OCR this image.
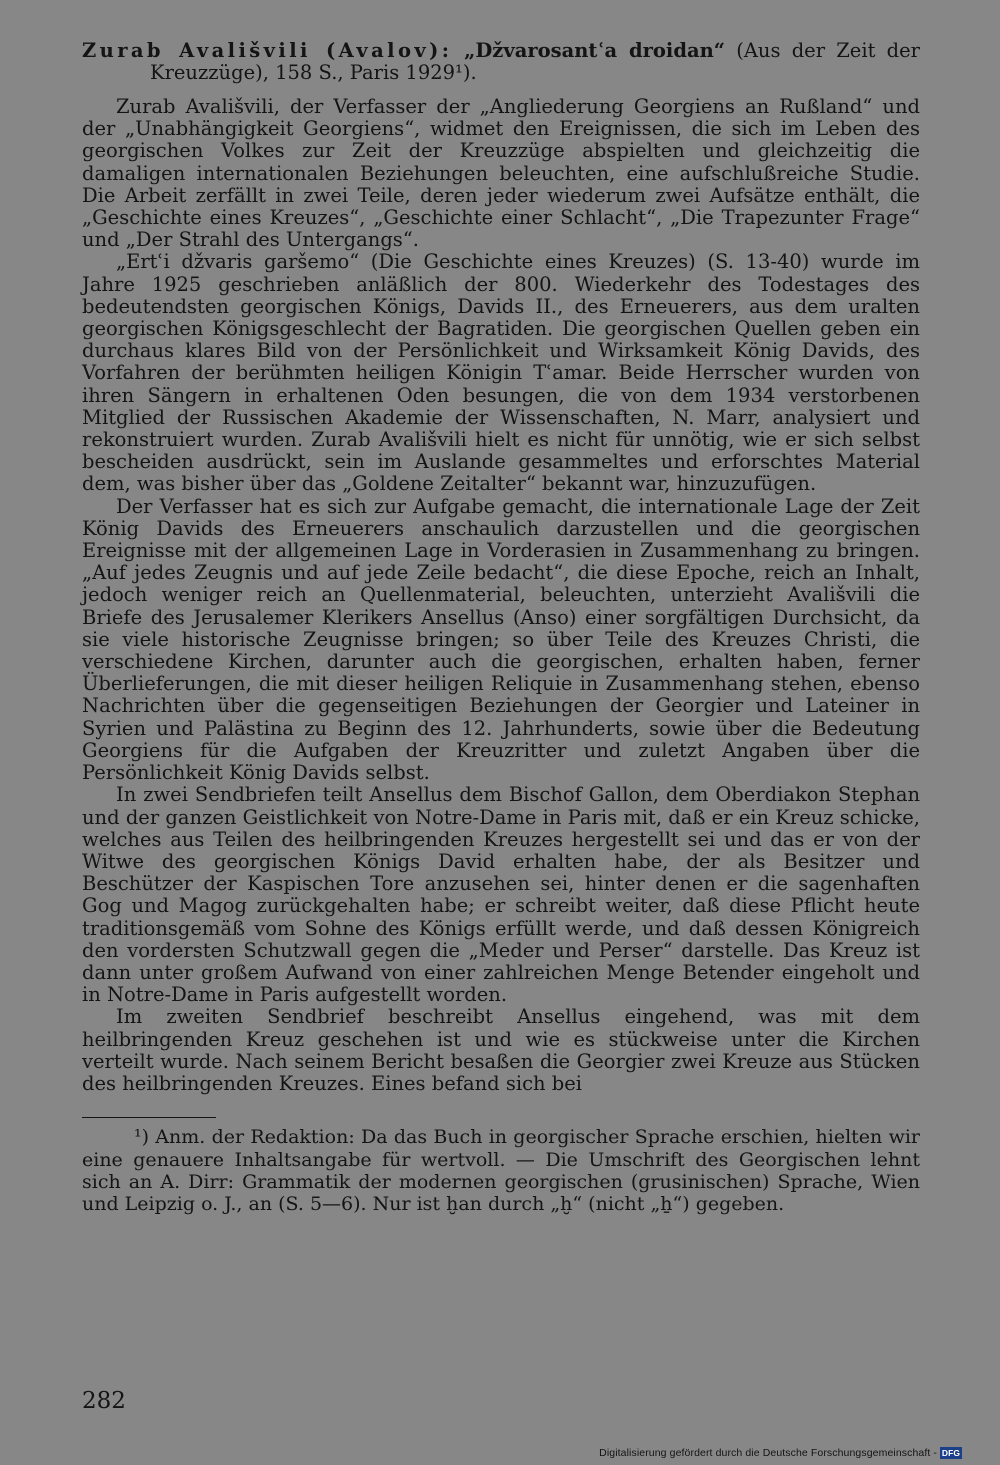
Zurab Avališvili (Avalov): „Džvarosantʿa droidan“ (Aus der Zeit der Kreuzzüge), 158 S., Paris 1929¹).

Zurab Avališvili, der Verfasser der „Angliederung Georgiens an Rußland“ und der „Unabhängigkeit Georgiens“, widmet den Ereignissen, die sich im Leben des georgischen Volkes zur Zeit der Kreuzzüge abspielten und gleichzeitig die damaligen internationalen Beziehungen beleuchten, eine aufschlußreiche Studie. Die Arbeit zerfällt in zwei Teile, deren jeder wiederum zwei Aufsätze enthält, die „Geschichte eines Kreuzes“, „Geschichte einer Schlacht“, „Die Trapezunter Frage“ und „Der Strahl des Untergangs“.

„Ertʿi džvaris garšemo“ (Die Geschichte eines Kreuzes) (S. 13-40) wurde im Jahre 1925 geschrieben anläßlich der 800. Wiederkehr des Todestages des bedeutendsten georgischen Königs, Davids II., des Erneuerers, aus dem uralten georgischen Königsgeschlecht der Bagratiden. Die georgischen Quellen geben ein durchaus klares Bild von der Persönlichkeit und Wirksamkeit König Davids, des Vorfahren der berühmten heiligen Königin Tʿamar. Beide Herrscher wurden von ihren Sängern in erhaltenen Oden besungen, die von dem 1934 verstorbenen Mitglied der Russischen Akademie der Wissenschaften, N. Marr, analysiert und rekonstruiert wurden. Zurab Avališvili hielt es nicht für unnötig, wie er sich selbst bescheiden ausdrückt, sein im Auslande gesammeltes und erforschtes Material dem, was bisher über das „Goldene Zeitalter“ bekannt war, hinzuzufügen.

Der Verfasser hat es sich zur Aufgabe gemacht, die internationale Lage der Zeit König Davids des Erneuerers anschaulich darzustellen und die georgischen Ereignisse mit der allgemeinen Lage in Vorderasien in Zusammenhang zu bringen. „Auf jedes Zeugnis und auf jede Zeile bedacht“, die diese Epoche, reich an Inhalt, jedoch weniger reich an Quellenmaterial, beleuchten, unterzieht Avališvili die Briefe des Jerusalemer Klerikers Ansellus (Anso) einer sorgfältigen Durchsicht, da sie viele historische Zeugnisse bringen; so über Teile des Kreuzes Christi, die verschiedene Kirchen, darunter auch die georgischen, erhalten haben, ferner Überlieferungen, die mit dieser heiligen Reliquie in Zusammenhang stehen, ebenso Nachrichten über die gegenseitigen Beziehungen der Georgier und Lateiner in Syrien und Palästina zu Beginn des 12. Jahrhunderts, sowie über die Bedeutung Georgiens für die Aufgaben der Kreuzritter und zuletzt Angaben über die Persönlichkeit König Davids selbst.

In zwei Sendbriefen teilt Ansellus dem Bischof Gallon, dem Oberdiakon Stephan und der ganzen Geistlichkeit von Notre-Dame in Paris mit, daß er ein Kreuz schicke, welches aus Teilen des heilbringenden Kreuzes hergestellt sei und das er von der Witwe des georgischen Königs David erhalten habe, der als Besitzer und Beschützer der Kaspischen Tore anzusehen sei, hinter denen er die sagenhaften Gog und Magog zurückgehalten habe; er schreibt weiter, daß diese Pflicht heute traditionsgemäß vom Sohne des Königs erfüllt werde, und daß dessen Königreich den vordersten Schutzwall gegen die „Meder und Perser“ darstelle. Das Kreuz ist dann unter großem Aufwand von einer zahlreichen Menge Betender eingeholt und in Notre-Dame in Paris aufgestellt worden.

Im zweiten Sendbrief beschreibt Ansellus eingehend, was mit dem heilbringenden Kreuz geschehen ist und wie es stückweise unter die Kirchen verteilt wurde. Nach seinem Bericht besaßen die Georgier zwei Kreuze aus Stücken des heilbringenden Kreuzes. Eines befand sich bei

¹) Anm. der Redaktion: Da das Buch in georgischer Sprache erschien, hielten wir eine genauere Inhaltsangabe für wertvoll. — Die Umschrift des Georgischen lehnt sich an A. Dirr: Grammatik der modernen georgischen (grusinischen) Sprache, Wien und Leipzig o. J., an (S. 5—6). Nur ist ḫan durch „ḫ“ (nicht „ẖ“) gegeben.

282

Digitalisierung gefördert durch die Deutsche Forschungsgemeinschaft - DFG
